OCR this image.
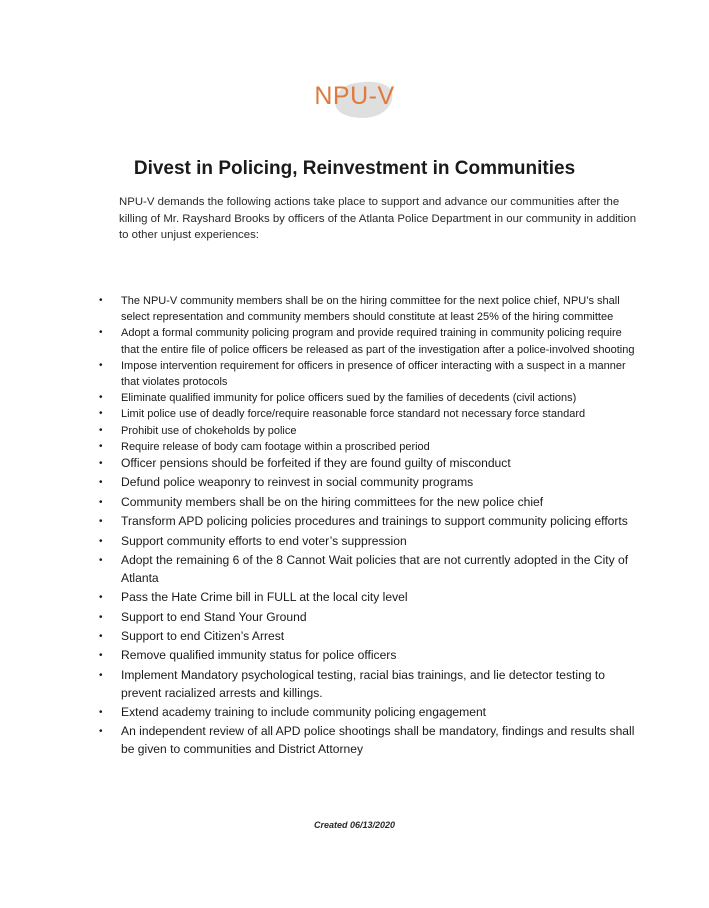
NPU-V
Divest in Policing, Reinvestment in Communities

NPU-V demands the following actions take place to support and advance our communities after the killing of Mr. Rayshard Brooks by officers of the Atlanta Police Department in our community in addition to other unjust experiences:

• The NPU-V community members shall be on the hiring committee for the next police chief, NPU’s shall select representation and community members should constitute at least 25% of the hiring committee
• Adopt a formal community policing program and provide required training in community policing require that the entire file of police officers be released as part of the investigation after a police-involved shooting
• Impose intervention requirement for officers in presence of officer interacting with a suspect in a manner that violates protocols
• Eliminate qualified immunity for police officers sued by the families of decedents (civil actions)
• Limit police use of deadly force/require reasonable force standard not necessary force standard
• Prohibit use of chokeholds by police
• Require release of body cam footage within a proscribed period
• Officer pensions should be forfeited if they are found guilty of misconduct
• Defund police weaponry to reinvest in social community programs
• Community members shall be on the hiring committees for the new police chief
• Transform APD policing policies procedures and trainings to support community policing efforts
• Support community efforts to end voter’s suppression
• Adopt the remaining 6 of the 8 Cannot Wait policies that are not currently adopted in the City of Atlanta
• Pass the Hate Crime bill in FULL at the local city level
• Support to end Stand Your Ground
• Support to end Citizen’s Arrest
• Remove qualified immunity status for police officers
• Implement Mandatory psychological testing, racial bias trainings, and lie detector testing to prevent racialized arrests and killings.
• Extend academy training to include community policing engagement
• An independent review of all APD police shootings shall be mandatory, findings and results shall be given to communities and District Attorney
Created 06/13/2020
